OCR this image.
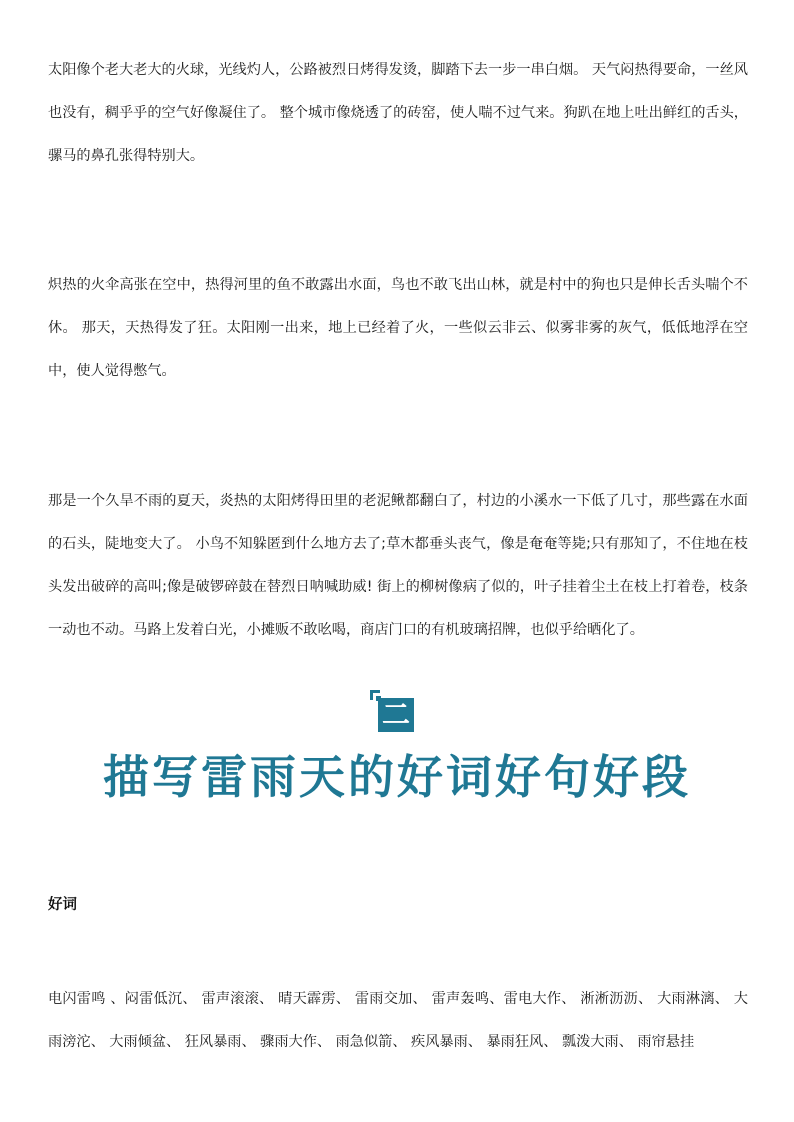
太阳像个老大老大的火球，光线灼人，公路被烈日烤得发烫，脚踏下去一步一串白烟。 天气闷热得要命，一丝风也没有，稠乎乎的空气好像凝住了。 整个城市像烧透了的砖窑，使人喘不过气来。狗趴在地上吐出鲜红的舌头，骡马的鼻孔张得特别大。

炽热的火伞高张在空中，热得河里的鱼不敢露出水面，鸟也不敢飞出山林，就是村中的狗也只是伸长舌头喘个不休。 那天，天热得发了狂。太阳刚一出来，地上已经着了火，一些似云非云、似雾非雾的灰气，低低地浮在空中，使人觉得憋气。

那是一个久旱不雨的夏天，炎热的太阳烤得田里的老泥鳅都翻白了，村边的小溪水一下低了几寸，那些露在水面的石头，陡地变大了。 小鸟不知躲匿到什么地方去了;草木都垂头丧气，像是奄奄等毙;只有那知了，不住地在枝头发出破碎的高叫;像是破锣碎鼓在替烈日呐喊助威! 街上的柳树像病了似的，叶子挂着尘土在枝上打着卷，枝条一动也不动。马路上发着白光，小摊贩不敢吆喝，商店门口的有机玻璃招牌，也似乎给晒化了。

二
描写雷雨天的好词好句好段
好词

电闪雷鸣 、闷雷低沉、 雷声滚滚、 晴天霹雳、 雷雨交加、 雷声轰鸣、雷电大作、 淅淅沥沥、 大雨淋漓、 大雨滂沱、 大雨倾盆、 狂风暴雨、 骤雨大作、 雨急似箭、 疾风暴雨、 暴雨狂风、 瓢泼大雨、 雨帘悬挂
